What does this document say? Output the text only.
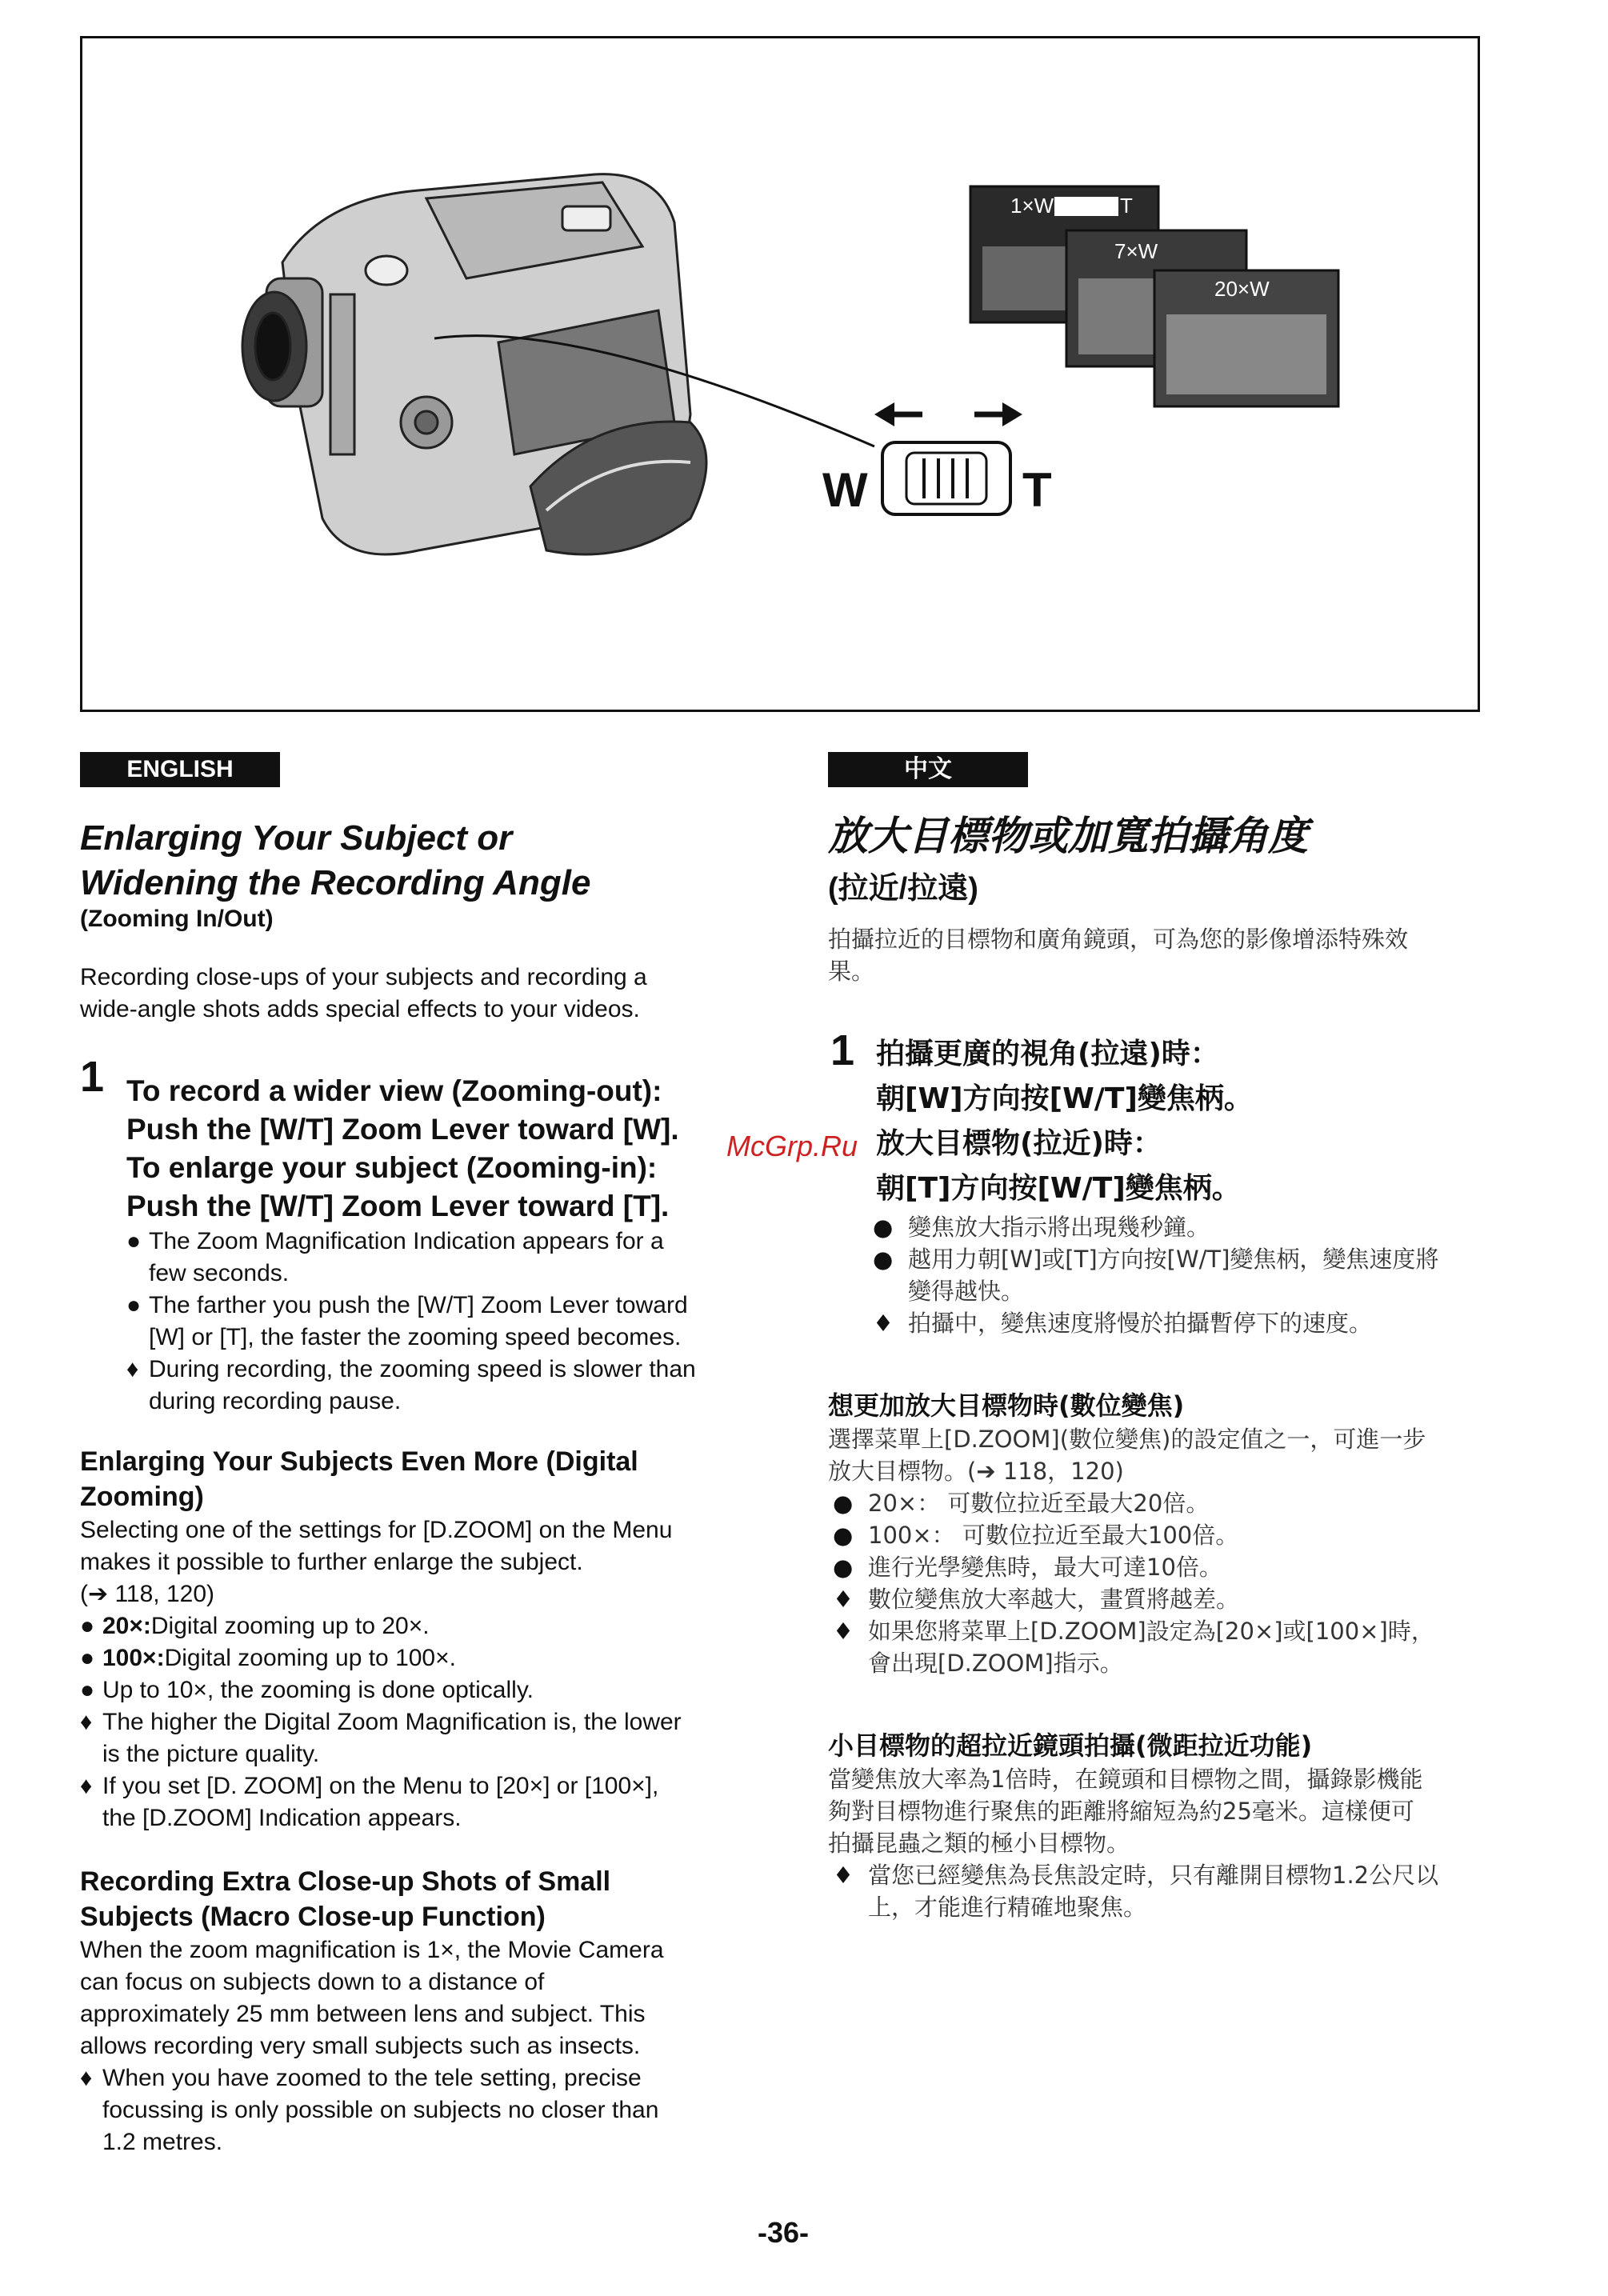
W	T
1×W	T
7×W
20×W
ENGLISH
Enlarging Your Subject or
Widening the Recording Angle
(Zooming In/Out)
Recording close-ups of your subjects and recording a
wide-angle shots adds special effects to your videos.
1 To record a wider view (Zooming-out):
Push the [W/T] Zoom Lever toward [W].
To enlarge your subject (Zooming-in):
Push the [W/T] Zoom Lever toward [T].
● The Zoom Magnification Indication appears for a
few seconds.
● The farther you push the [W/T] Zoom Lever toward
[W] or [T], the faster the zooming speed becomes.
♦ During recording, the zooming speed is slower than
during recording pause.
Enlarging Your Subjects Even More (Digital
Zooming)
Selecting one of the settings for [D.ZOOM] on the Menu
makes it possible to further enlarge the subject.
(➔ 118, 120)
● 20×:Digital zooming up to 20×.
● 100×:Digital zooming up to 100×.
● Up to 10×, the zooming is done optically.
♦ The higher the Digital Zoom Magnification is, the lower
is the picture quality.
♦ If you set [D. ZOOM] on the Menu to [20×] or [100×],
the [D.ZOOM] Indication appears.
Recording Extra Close-up Shots of Small
Subjects (Macro Close-up Function)
When the zoom magnification is 1×, the Movie Camera
can focus on subjects down to a distance of
approximately 25 mm between lens and subject. This
allows recording very small subjects such as insects.
♦ When you have zoomed to the tele setting, precise
focussing is only possible on subjects no closer than
1.2 metres.
McGrp.Ru
中文
放大目標物或加寬拍攝角度
(拉近/拉遠)
拍攝拉近的目標物和廣角鏡頭，可為您的影像增添特殊效
果。
1 拍攝更廣的視角(拉遠)時：
朝[W]方向按[W/T]變焦柄。
放大目標物(拉近)時：
朝[T]方向按[W/T]變焦柄。
● 變焦放大指示將出現幾秒鐘。
● 越用力朝[W]或[T]方向按[W/T]變焦柄，變焦速度將
變得越快。
♦ 拍攝中，變焦速度將慢於拍攝暫停下的速度。
想更加放大目標物時(數位變焦)
選擇菜單上[D.ZOOM](數位變焦)的設定值之一，可進一步
放大目標物。(➔ 118，120)
● 20×： 可數位拉近至最大20倍。
● 100×： 可數位拉近至最大100倍。
● 進行光學變焦時，最大可達10倍。
♦ 數位變焦放大率越大，畫質將越差。
♦ 如果您將菜單上[D.ZOOM]設定為[20×]或[100×]時，
會出現[D.ZOOM]指示。
小目標物的超拉近鏡頭拍攝(微距拉近功能)
當變焦放大率為1倍時，在鏡頭和目標物之間，攝錄影機能
夠對目標物進行聚焦的距離將縮短為約25毫米。這樣便可
拍攝昆蟲之類的極小目標物。
♦ 當您已經變焦為長焦設定時，只有離開目標物1.2公尺以
上，才能進行精確地聚焦。
-36-
